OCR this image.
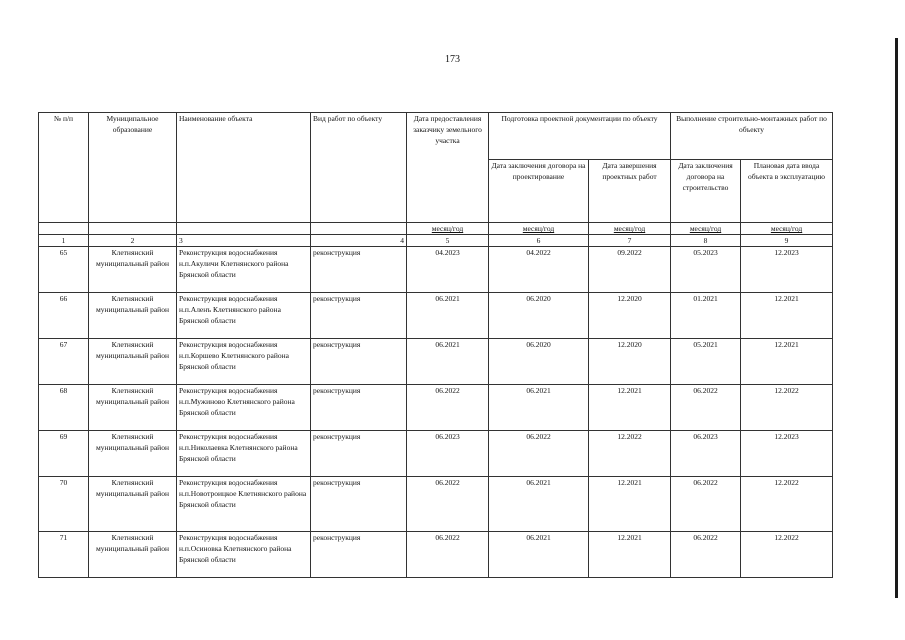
173
№ п/п	Муниципальное образование	Наименование объекта	Вид работ по объекту	Дата предоставления заказчику земельного участка	Подготовка проектной документации по объекту		Выполнение строительно-монтажных работ по объекту	
					Дата заключения договора на проектирование	Дата завершения проектных работ	Дата заключения договора на строительство	Плановая дата ввода объекта в эксплуатацию
				месяц/год	месяц/год	месяц/год	месяц/год	месяц/год
1	2	3	4	5	6	7	8	9
65	Клетнянский муниципальный район	Реконструкция водоснабжения н.п.Акуличи Клетнянского района Брянской области	реконструкция	04.2023	04.2022	09.2022	05.2023	12.2023
66	Клетнянский муниципальный район	Реконструкция водоснабжения н.п.Аленъ Клетнянского района Брянской области	реконструкция	06.2021	06.2020	12.2020	01.2021	12.2021
67	Клетнянский муниципальный район	Реконструкция водоснабжения н.п.Коршево Клетнянского района Брянской области	реконструкция	06.2021	06.2020	12.2020	05.2021	12.2021
68	Клетнянский муниципальный район	Реконструкция водоснабжения н.п.Мужиново Клетнянского района Брянской области	реконструкция	06.2022	06.2021	12.2021	06.2022	12.2022
69	Клетнянский муниципальный район	Реконструкция водоснабжения н.п.Николаевка Клетнянского района Брянской области	реконструкция	06.2023	06.2022	12.2022	06.2023	12.2023
70	Клетнянский муниципальный район	Реконструкция водоснабжения н.п.Новотроицкое Клетнянского района Брянской области	реконструкция	06.2022	06.2021	12.2021	06.2022	12.2022
71	Клетнянский муниципальный район	Реконструкция водоснабжения н.п.Осиновка Клетнянского района Брянской области	реконструкция	06.2022	06.2021	12.2021	06.2022	12.2022
